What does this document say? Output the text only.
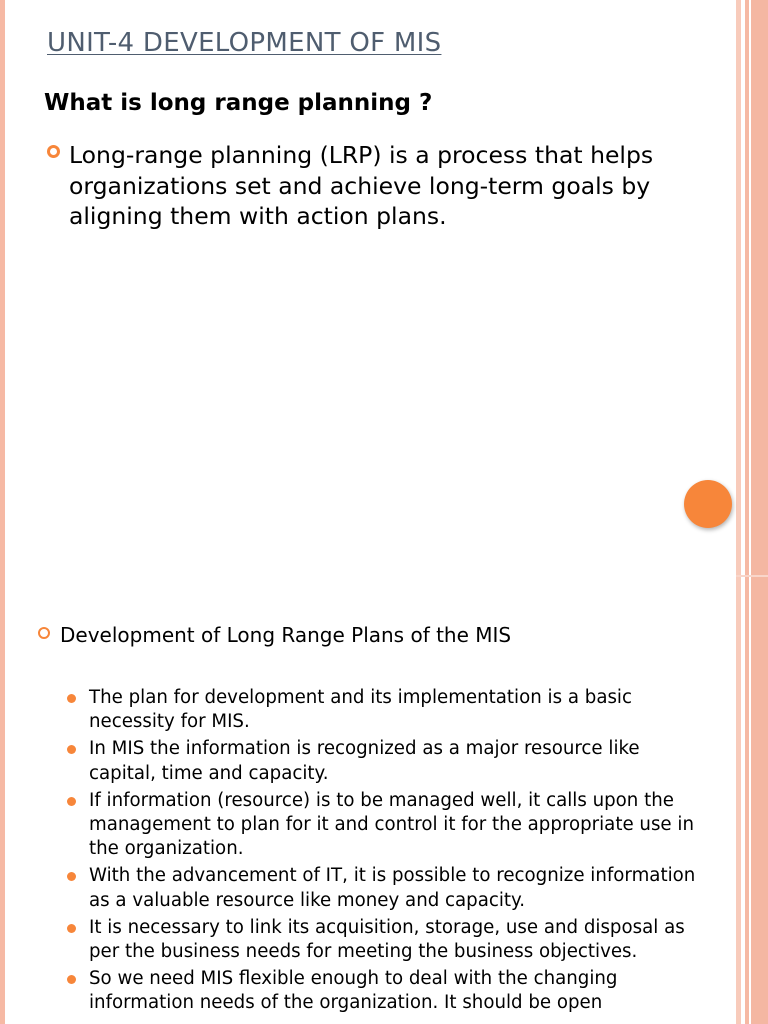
UNIT-4 DEVELOPMENT OF MIS
What is long range planning ?
Long-range planning (LRP) is a process that helps organizations set and achieve long-term goals by aligning them with action plans.
Development of Long Range Plans of the MIS
The plan for development and its implementation is a basic necessity for MIS.
In MIS the information is recognized as a major resource like capital, time and capacity.
If information (resource) is to be managed well, it calls upon the management to plan for it and control it for the appropriate use in the organization.
With the advancement of IT, it is possible to recognize information as a valuable resource like money and capacity.
It is necessary to link its acquisition, storage, use and disposal as per the business needs for meeting the business objectives.
So we need MIS flexible enough to deal with the changing information needs of the organization. It should be open
